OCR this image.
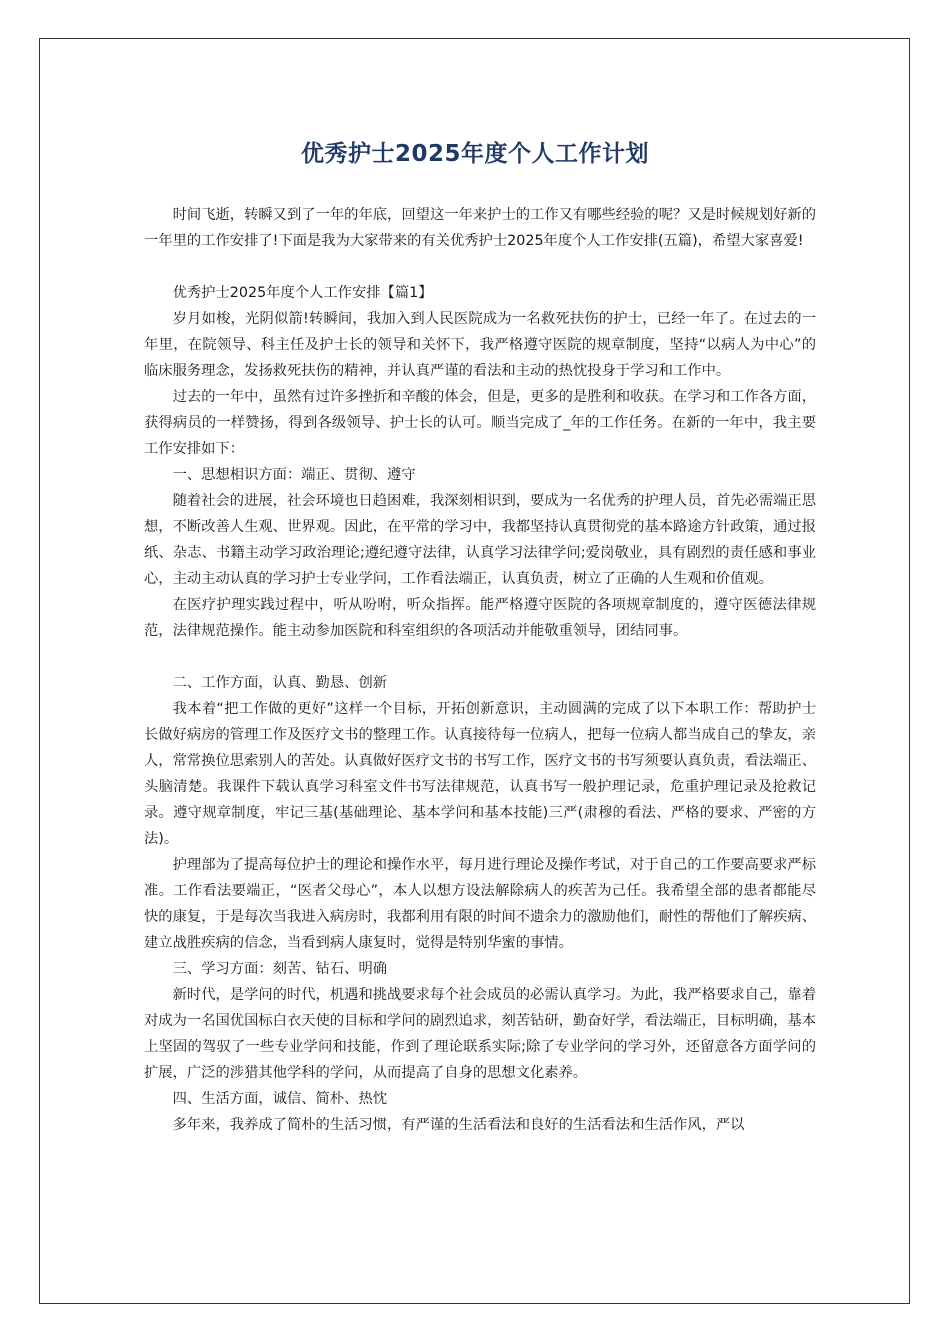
优秀护士2025年度个人工作计划

时间飞逝，转瞬又到了一年的年底，回望这一年来护士的工作又有哪些经验的呢？又是时候规划好新的一年里的工作安排了!下面是我为大家带来的有关优秀护士2025年度个人工作安排(五篇)，希望大家喜爱!

优秀护士2025年度个人工作安排【篇1】

岁月如梭，光阴似箭!转瞬间，我加入到人民医院成为一名救死扶伤的护士，已经一年了。在过去的一年里，在院领导、科主任及护士长的领导和关怀下，我严格遵守医院的规章制度，坚持“以病人为中心”的临床服务理念，发扬救死扶伤的精神，并认真严谨的看法和主动的热忱投身于学习和工作中。

过去的一年中，虽然有过许多挫折和辛酸的体会，但是，更多的是胜利和收获。在学习和工作各方面，获得病员的一样赞扬，得到各级领导、护士长的认可。顺当完成了_年的工作任务。在新的一年中，我主要工作安排如下：

一、思想相识方面：端正、贯彻、遵守

随着社会的进展，社会环境也日趋困难，我深刻相识到，要成为一名优秀的护理人员，首先必需端正思想，不断改善人生观、世界观。因此，在平常的学习中，我都坚持认真贯彻党的基本路途方针政策，通过报纸、杂志、书籍主动学习政治理论;遵纪遵守法律，认真学习法律学问;爱岗敬业，具有剧烈的责任感和事业心，主动主动认真的学习护士专业学问，工作看法端正，认真负责，树立了正确的人生观和价值观。

在医疗护理实践过程中，听从吩咐，听众指挥。能严格遵守医院的各项规章制度的，遵守医德法律规范，法律规范操作。能主动参加医院和科室组织的各项活动并能敬重领导，团结同事。

二、工作方面，认真、勤恳、创新

我本着“把工作做的更好”这样一个目标，开拓创新意识，主动圆满的完成了以下本职工作：帮助护士长做好病房的管理工作及医疗文书的整理工作。认真接待每一位病人，把每一位病人都当成自己的挚友，亲人，常常换位思索别人的苦处。认真做好医疗文书的书写工作，医疗文书的书写须要认真负责，看法端正、头脑清楚。我课件下载认真学习科室文件书写法律规范，认真书写一般护理记录，危重护理记录及抢救记录。遵守规章制度，牢记三基(基础理论、基本学问和基本技能)三严(肃穆的看法、严格的要求、严密的方法)。

护理部为了提高每位护士的理论和操作水平，每月进行理论及操作考试，对于自己的工作要高要求严标准。工作看法要端正，“医者父母心”，本人以想方设法解除病人的疾苦为己任。我希望全部的患者都能尽快的康复，于是每次当我进入病房时，我都利用有限的时间不遗余力的激励他们，耐性的帮他们了解疾病、建立战胜疾病的信念，当看到病人康复时，觉得是特别华蜜的事情。

三、学习方面：刻苦、钻石、明确

新时代，是学问的时代，机遇和挑战要求每个社会成员的必需认真学习。为此，我严格要求自己，靠着对成为一名国优国标白衣天使的目标和学问的剧烈追求，刻苦钻研，勤奋好学，看法端正，目标明确，基本上坚固的驾驭了一些专业学问和技能，作到了理论联系实际;除了专业学问的学习外，还留意各方面学问的扩展，广泛的涉猎其他学科的学问，从而提高了自身的思想文化素养。

四、生活方面，诚信、简朴、热忱

多年来，我养成了简朴的生活习惯，有严谨的生活看法和良好的生活看法和生活作风，严以
